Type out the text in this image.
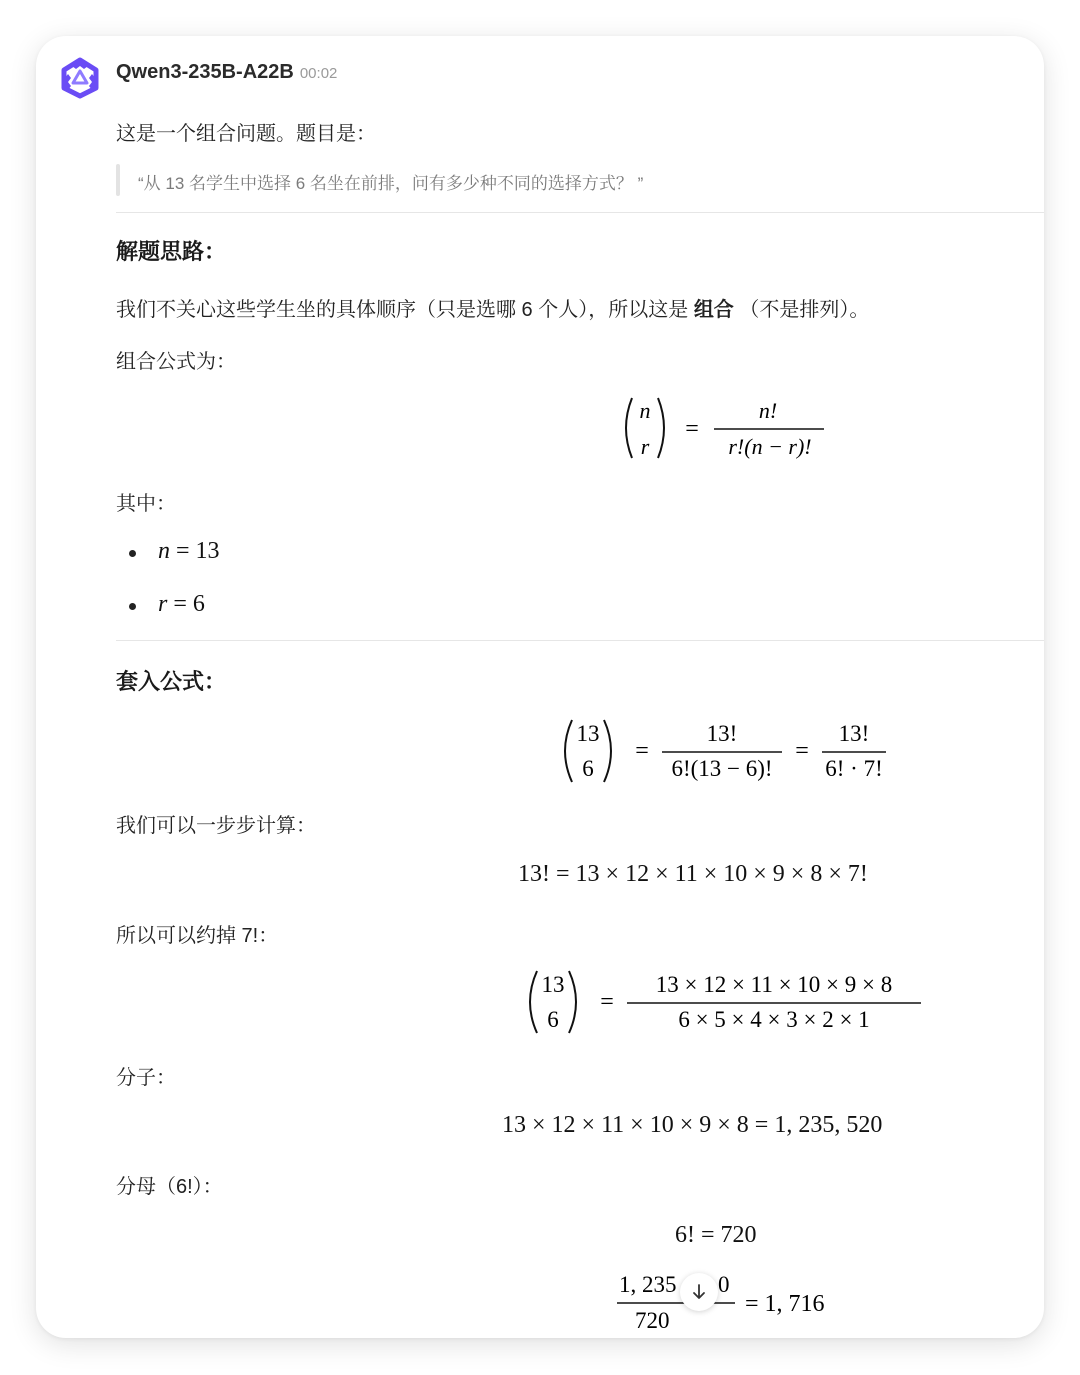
Qwen3-235B-A22B 00:02
这是一个组合问题。题目是：
“从 13 名学生中选择 6 名坐在前排，问有多少种不同的选择方式？ ”
解题思路：
我们不关心这些学生坐的具体顺序（只是选哪 6 个人），所以这是 组合 （不是排列）。
组合公式为：
n
r
=
n!
r!(n − r)!
其中：
n = 13
r = 6
套入公式：
13
6
=
13!
6!(13 − 6)!
=
13!
6! · 7!
我们可以一步步计算：
13! = 13 × 12 × 11 × 10 × 9 × 8 × 7!
所以可以约掉 7!：
13
6
=
13 × 12 × 11 × 10 × 9 × 8
6 × 5 × 4 × 3 × 2 × 1
分子：
13 × 12 × 11 × 10 × 9 × 8 = 1, 235, 520
分母（6!）：
6! = 720
1, 235 0
720
= 1, 716
